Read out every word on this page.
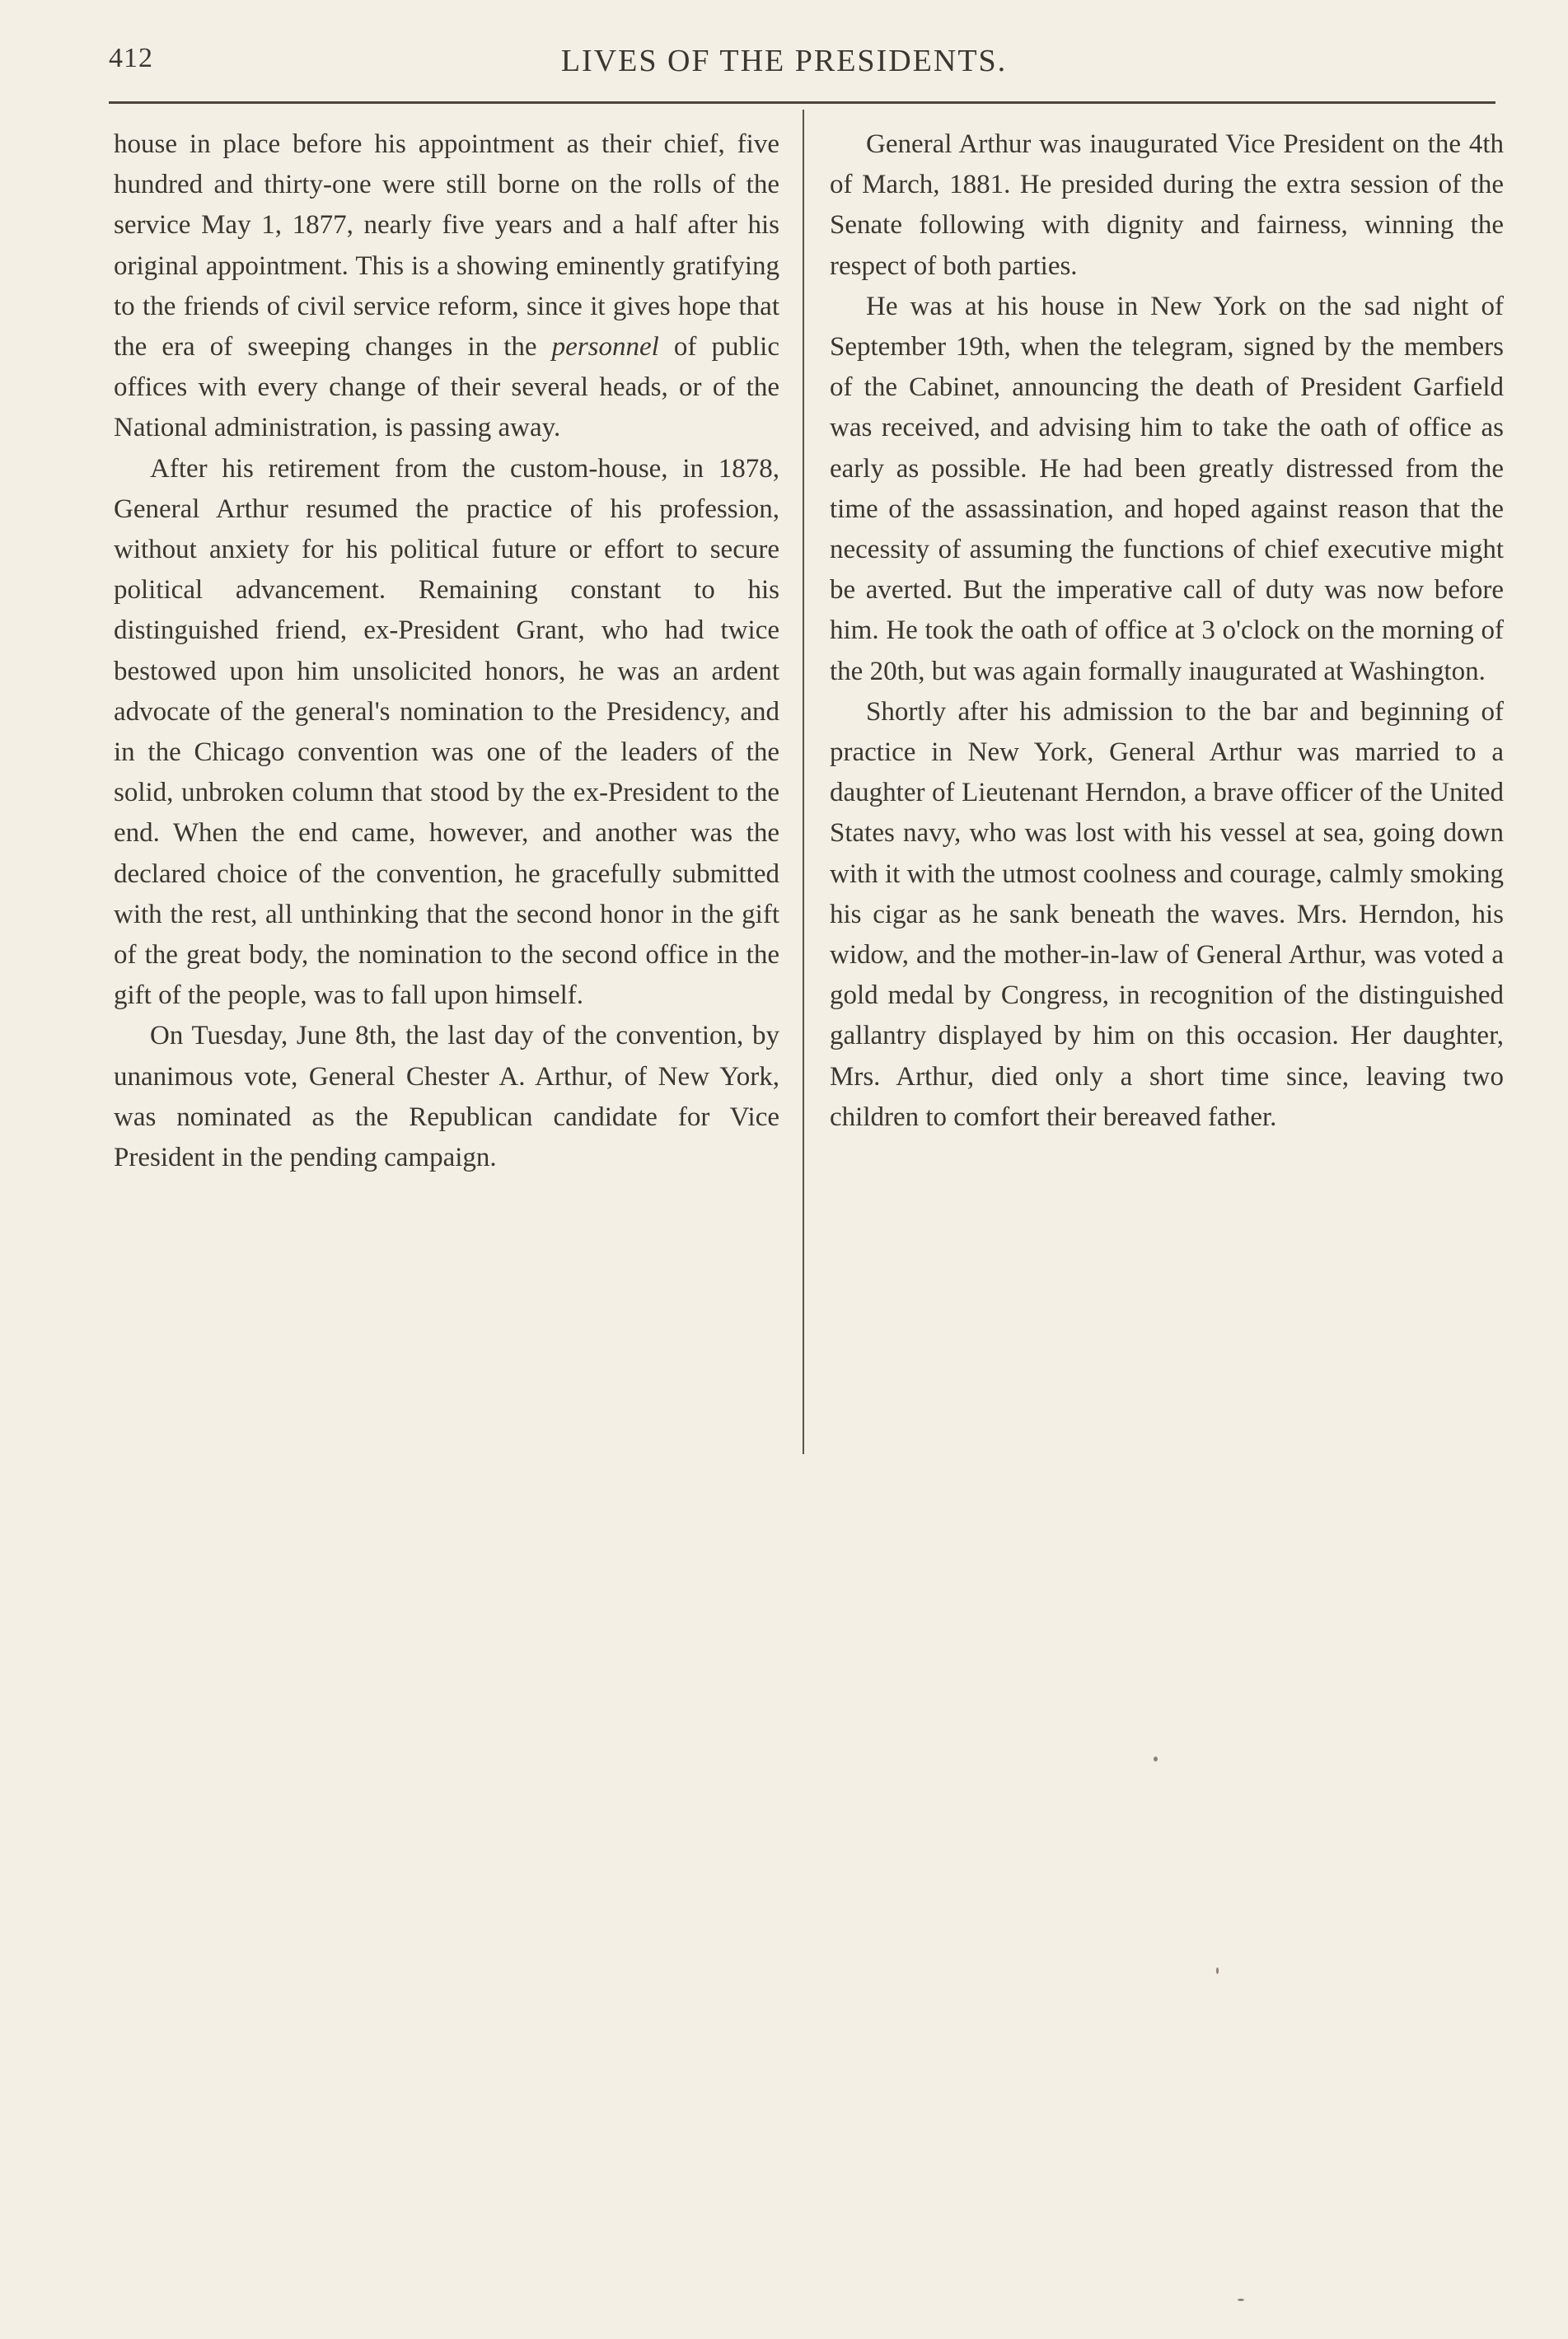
412	LIVES OF THE PRESIDENTS.

house in place before his appointment as their chief, five hundred and thirty-one were still borne on the rolls of the service May 1, 1877, nearly five years and a half after his original appointment. This is a showing eminently gratifying to the friends of civil service reform, since it gives hope that the era of sweeping changes in the personnel of public offices with every change of their several heads, or of the National administration, is passing away.

After his retirement from the custom-house, in 1878, General Arthur resumed the practice of his profession, without anxiety for his political future or effort to secure political advancement. Remaining constant to his distinguished friend, ex-President Grant, who had twice bestowed upon him unsolicited honors, he was an ardent advocate of the general's nomination to the Presidency, and in the Chicago convention was one of the leaders of the solid, unbroken column that stood by the ex-President to the end. When the end came, however, and another was the declared choice of the convention, he gracefully submitted with the rest, all unthinking that the second honor in the gift of the great body, the nomination to the second office in the gift of the people, was to fall upon himself.

On Tuesday, June 8th, the last day of the convention, by unanimous vote, General Chester A. Arthur, of New York, was nominated as the Republican candidate for Vice President in the pending campaign.

General Arthur was inaugurated Vice President on the 4th of March, 1881. He presided during the extra session of the Senate following with dignity and fairness, winning the respect of both parties.

He was at his house in New York on the sad night of September 19th, when the telegram, signed by the members of the Cabinet, announcing the death of President Garfield was received, and advising him to take the oath of office as early as possible. He had been greatly distressed from the time of the assassination, and hoped against reason that the necessity of assuming the functions of chief executive might be averted. But the imperative call of duty was now before him. He took the oath of office at 3 o'clock on the morning of the 20th, but was again formally inaugurated at Washington.

Shortly after his admission to the bar and beginning of practice in New York, General Arthur was married to a daughter of Lieutenant Herndon, a brave officer of the United States navy, who was lost with his vessel at sea, going down with it with the utmost coolness and courage, calmly smoking his cigar as he sank beneath the waves. Mrs. Herndon, his widow, and the mother-in-law of General Arthur, was voted a gold medal by Congress, in recognition of the distinguished gallantry displayed by him on this occasion. Her daughter, Mrs. Arthur, died only a short time since, leaving two children to comfort their bereaved father.
